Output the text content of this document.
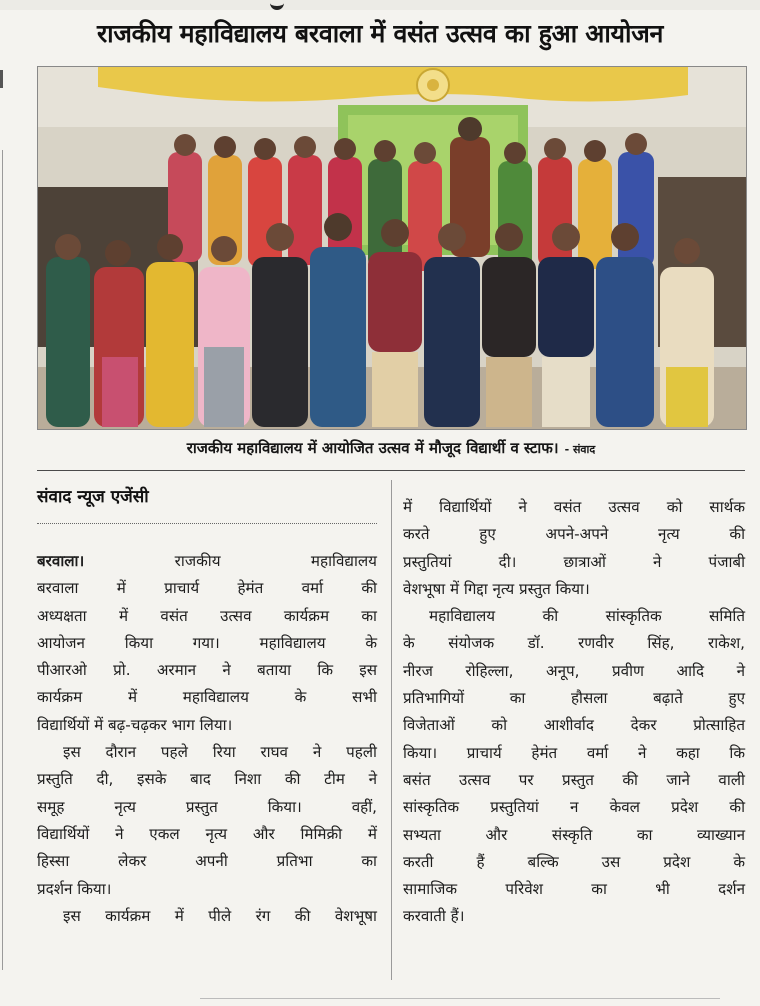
राजकीय महाविद्यालय बरवाला में वसंत उत्सव का हुआ आयोजन
राजकीय महाविद्यालय में आयोजित उत्सव में मौजूद विद्यार्थी व स्टाफ। - संवाद
संवाद न्यूज एजेंसी
बरवाला। राजकीय महाविद्यालय
बरवाला में प्राचार्य हेमंत वर्मा की
अध्यक्षता में वसंत उत्सव कार्यक्रम का
आयोजन किया गया। महाविद्यालय के
पीआरओ प्रो. अरमान ने बताया कि इस
कार्यक्रम में महाविद्यालय के सभी
विद्यार्थियों में बढ़-चढ़कर भाग लिया।
इस दौरान पहले रिया राघव ने पहली
प्रस्तुति दी, इसके बाद निशा की टीम ने
समूह नृत्य प्रस्तुत किया। वहीं,
विद्यार्थियों ने एकल नृत्य और मिमिक्री में
हिस्सा लेकर अपनी प्रतिभा का
प्रदर्शन किया।
इस कार्यक्रम में पीले रंग की वेशभूषा
में विद्यार्थियों ने वसंत उत्सव को सार्थक
करते हुए अपने-अपने नृत्य की
प्रस्तुतियां दी। छात्राओं ने पंजाबी
वेशभूषा में गिद्दा नृत्य प्रस्तुत किया।
महाविद्यालय की सांस्कृतिक समिति
के संयोजक डॉ. रणवीर सिंह, राकेश,
नीरज रोहिल्ला, अनूप, प्रवीण आदि ने
प्रतिभागियों का हौसला बढ़ाते हुए
विजेताओं को आशीर्वाद देकर प्रोत्साहित
किया। प्राचार्य हेमंत वर्मा ने कहा कि
बसंत उत्सव पर प्रस्तुत की जाने वाली
सांस्कृतिक प्रस्तुतियां न केवल प्रदेश की
सभ्यता और संस्कृति का व्याख्यान
करती हैं बल्कि उस प्रदेश के
सामाजिक परिवेश का भी दर्शन
करवाती हैं।
